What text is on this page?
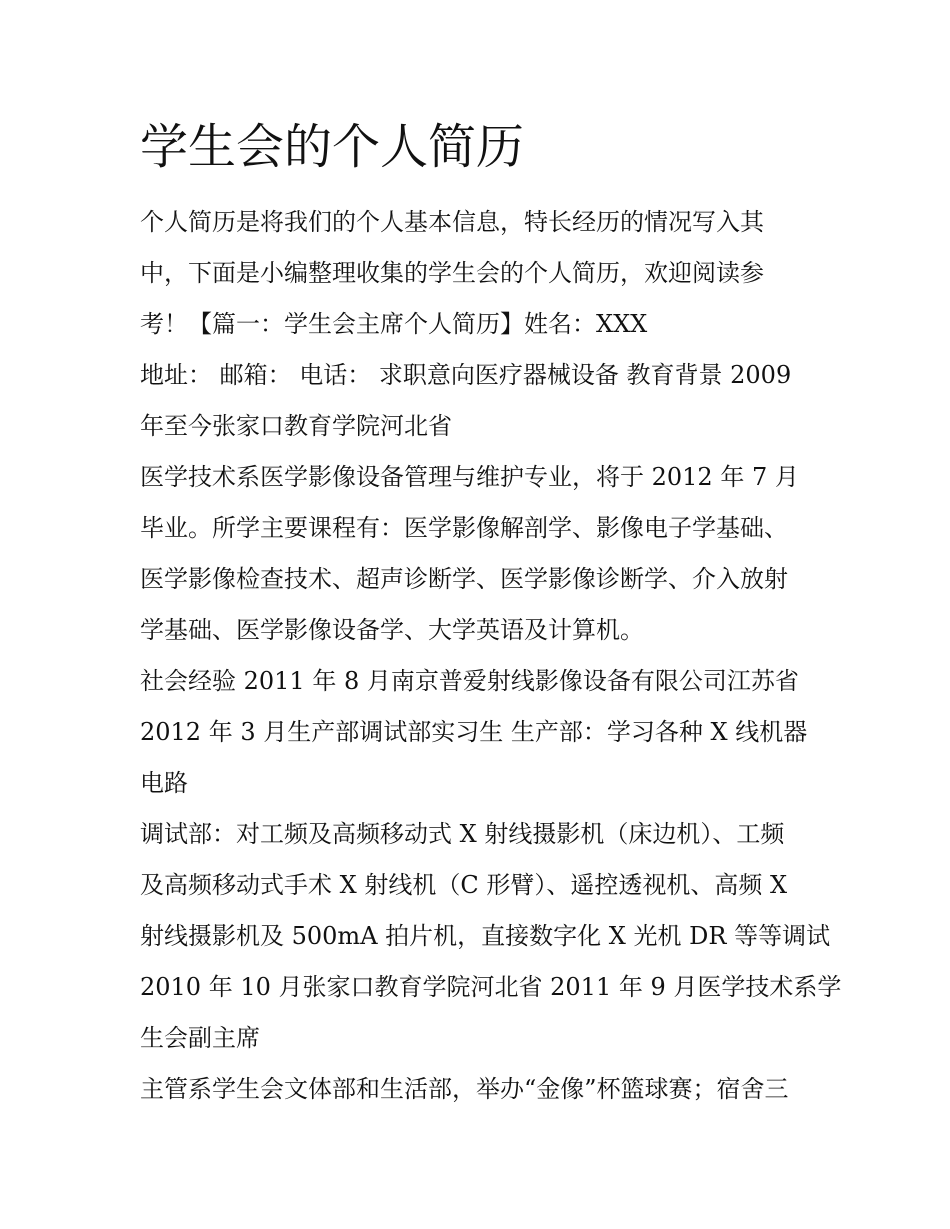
学生会的个人简历
个人简历是将我们的个人基本信息，特长经历的情况写入其
中，下面是小编整理收集的学生会的个人简历，欢迎阅读参
考！【篇一：学生会主席个人简历】姓名：XXX
地址： 邮箱： 电话： 求职意向医疗器械设备 教育背景 2009
年至今张家口教育学院河北省
医学技术系医学影像设备管理与维护专业，将于 2012 年 7 月
毕业。所学主要课程有：医学影像解剖学、影像电子学基础、
医学影像检查技术、超声诊断学、医学影像诊断学、介入放射
学基础、医学影像设备学、大学英语及计算机。
社会经验 2011 年 8 月南京普爱射线影像设备有限公司江苏省
2012 年 3 月生产部调试部实习生 生产部：学习各种 X 线机器
电路
调试部：对工频及高频移动式 X 射线摄影机（床边机）、工频
及高频移动式手术 X 射线机（C 形臂）、遥控透视机、高频 X
射线摄影机及 500mA 拍片机，直接数字化 X 光机 DR 等等调试
2010 年 10 月张家口教育学院河北省 2011 年 9 月医学技术系学
生会副主席
主管系学生会文体部和生活部，举办“金像”杯篮球赛；宿舍三
